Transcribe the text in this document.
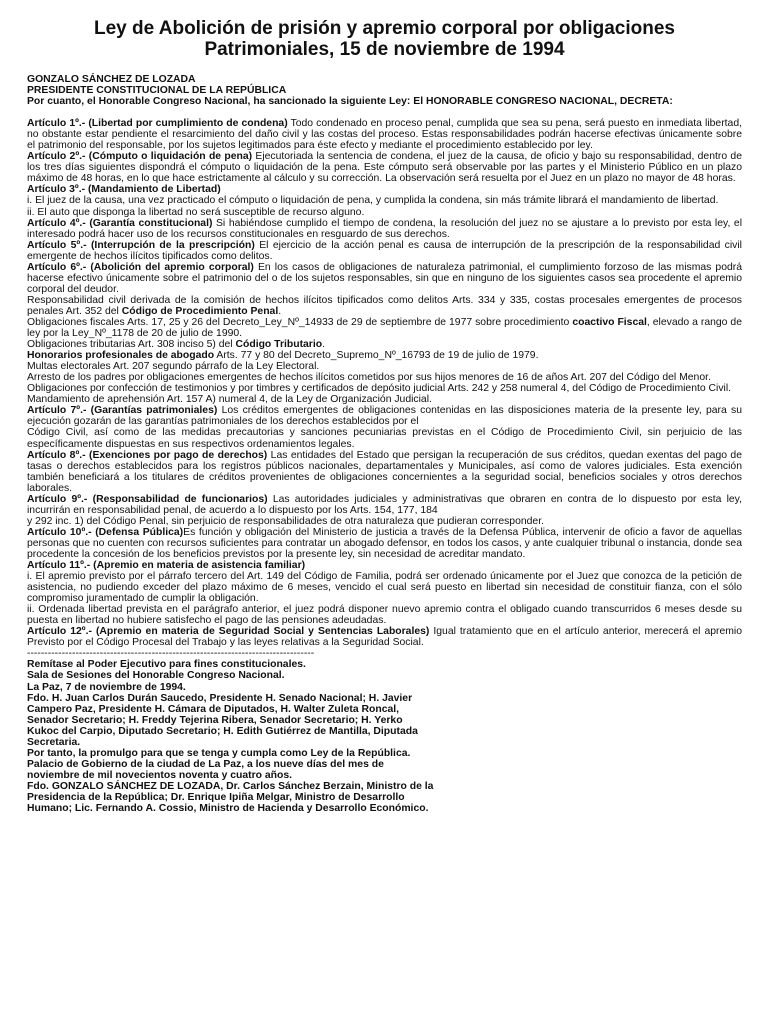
Ley de Abolición de prisión y apremio corporal por obligaciones
Patrimoniales, 15 de noviembre de 1994

GONZALO SÁNCHEZ DE LOZADA

PRESIDENTE CONSTITUCIONAL DE LA REPÚBLICA

Por cuanto, el Honorable Congreso Nacional, ha sancionado la siguiente Ley: El HONORABLE CONGRESO NACIONAL, DECRETA:

Artículo 1º.- (Libertad por cumplimiento de condena) Todo condenado en proceso penal, cumplida que sea su pena, será puesto en inmediata libertad, no obstante estar pendiente el resarcimiento del daño civil y las costas del proceso. Estas responsabilidades podrán hacerse efectivas únicamente sobre el patrimonio del responsable, por los sujetos legitimados para éste efecto y mediante el procedimiento establecido por ley.

Artículo 2º.- (Cómputo o liquidación de pena) Ejecutoriada la sentencia de condena, el juez de la causa, de oficio y bajo su responsabilidad, dentro de los tres días siguientes dispondrá el cómputo o liquidación de la pena. Este cómputo será observable por las partes y el Ministerio Público en un plazo máximo de 48 horas, en lo que hace estrictamente al cálculo y su corrección. La observación será resuelta por el Juez en un plazo no mayor de 48 horas.

Artículo 3º.- (Mandamiento de Libertad)

i. El juez de la causa, una vez practicado el cómputo o liquidación de pena, y cumplida la condena, sin más trámite librará el mandamiento de libertad.

ii. El auto que disponga la libertad no será susceptible de recurso alguno.

Artículo 4º.- (Garantía constitucional) Si habiéndose cumplido el tiempo de condena, la resolución del juez no se ajustare a lo previsto por esta ley, el interesado podrá hacer uso de los recursos constitucionales en resguardo de sus derechos.

Artículo 5º.- (Interrupción de la prescripción) El ejercicio de la acción penal es causa de interrupción de la prescripción de la responsabilidad civil emergente de hechos ilícitos tipificados como delitos.

Artículo 6º.- (Abolición del apremio corporal) En los casos de obligaciones de naturaleza patrimonial, el cumplimiento forzoso de las mismas podrá hacerse efectivo únicamente sobre el patrimonio del o de los sujetos responsables, sin que en ninguno de los siguientes casos sea procedente el apremio corporal del deudor.

Responsabilidad civil derivada de la comisión de hechos ilícitos tipificados como delitos Arts. 334 y 335, costas procesales emergentes de procesos penales Art. 352 del Código de Procedimiento Penal.

Obligaciones fiscales Arts. 17, 25 y 26 del Decreto_Ley_Nº_14933 de 29 de septiembre de 1977 sobre procedimiento coactivo Fiscal, elevado a rango de ley por la Ley_Nº_1178 de 20 de julio de 1990.

Obligaciones tributarias Art. 308 inciso 5) del Código Tributario.

Honorarios profesionales de abogado Arts. 77 y 80 del Decreto_Supremo_Nº_16793 de 19 de julio de 1979.

Multas electorales Art. 207 segundo párrafo de la Ley Electoral.

Arresto de los padres por obligaciones emergentes de hechos ilícitos cometidos por sus hijos menores de 16 de años Art. 207 del Código del Menor.

Obligaciones por confección de testimonios y por timbres y certificados de depósito judicial Arts. 242 y 258 numeral 4, del Código de Procedimiento Civil.

Mandamiento de aprehensión Art. 157 A) numeral 4, de la Ley de Organización Judicial.

Artículo 7º.- (Garantías patrimoniales) Los créditos emergentes de obligaciones contenidas en las disposiciones materia de la presente ley, para su ejecución gozarán de las garantías patrimoniales de los derechos establecidos por el

Código Civil, así como de las medidas precautorias y sanciones pecuniarias previstas en el Código de Procedimiento Civil, sin perjuicio de las específicamente dispuestas en sus respectivos ordenamientos legales.

Artículo 8º.- (Exenciones por pago de derechos) Las entidades del Estado que persigan la recuperación de sus créditos, quedan exentas del pago de tasas o derechos establecidos para los registros públicos nacionales, departamentales y Municipales, así como de valores judiciales. Esta exención también beneficiará a los titulares de créditos provenientes de obligaciones concernientes a la seguridad social, beneficios sociales y otros derechos laborales.

Artículo 9º.- (Responsabilidad de funcionarios) Las autoridades judiciales y administrativas que obraren en contra de lo dispuesto por esta ley, incurrirán en responsabilidad penal, de acuerdo a lo dispuesto por los Arts. 154, 177, 184

y 292 inc. 1) del Código Penal, sin perjuicio de responsabilidades de otra naturaleza que pudieran corresponder.

Artículo 10º.- (Defensa Pública)Es función y obligación del Ministerio de justicia a través de la Defensa Pública, intervenir de oficio a favor de aquellas personas que no cuenten con recursos suficientes para contratar un abogado defensor, en todos los casos, y ante cualquier tribunal o instancia, donde sea procedente la concesión de los beneficios previstos por la presente ley, sin necesidad de acreditar mandato.

Artículo 11º.- (Apremio en materia de asistencia familiar)

i. El apremio previsto por el párrafo tercero del Art. 149 del Código de Familia, podrá ser ordenado únicamente por el Juez que conozca de la petición de asistencia, no pudiendo exceder del plazo máximo de 6 meses, vencido el cual será puesto en libertad sin necesidad de constituir fianza, con el sólo compromiso juramentado de cumplir la obligación.

ii. Ordenada libertad prevista en el parágrafo anterior, el juez podrá disponer nuevo apremio contra el obligado cuando transcurridos 6 meses desde su puesta en libertad no hubiere satisfecho el pago de las pensiones adeudadas.

Artículo 12º.- (Apremio en materia de Seguridad Social y Sentencias Laborales) Igual tratamiento que en el artículo anterior, merecerá el apremio Previsto por el Código Procesal del Trabajo y las leyes relativas a la Seguridad Social.

-----------------------------------------------------------------------------------

Remítase al Poder Ejecutivo para fines constitucionales.

Sala de Sesiones del Honorable Congreso Nacional.

La Paz, 7 de noviembre de 1994.

Fdo. H. Juan Carlos Durán Saucedo, Presidente H. Senado Nacional; H. Javier

Campero Paz, Presidente H. Cámara de Diputados, H. Walter Zuleta Roncal,

Senador Secretario; H. Freddy Tejerina Ribera, Senador Secretario; H. Yerko

Kukoc del Carpio, Diputado Secretario; H. Edith Gutiérrez de Mantilla, Diputada

Secretaria.

Por tanto, la promulgo para que se tenga y cumpla como Ley de la República.

Palacio de Gobierno de la ciudad de La Paz, a los nueve días del mes de

noviembre de mil novecientos noventa y cuatro años.

Fdo. GONZALO SÁNCHEZ DE LOZADA, Dr. Carlos Sánchez Berzain, Ministro de la

Presidencia de la República; Dr. Enrique Ipiña Melgar, Ministro de Desarrollo

Humano; Lic. Fernando A. Cossio, Ministro de Hacienda y Desarrollo Económico.
